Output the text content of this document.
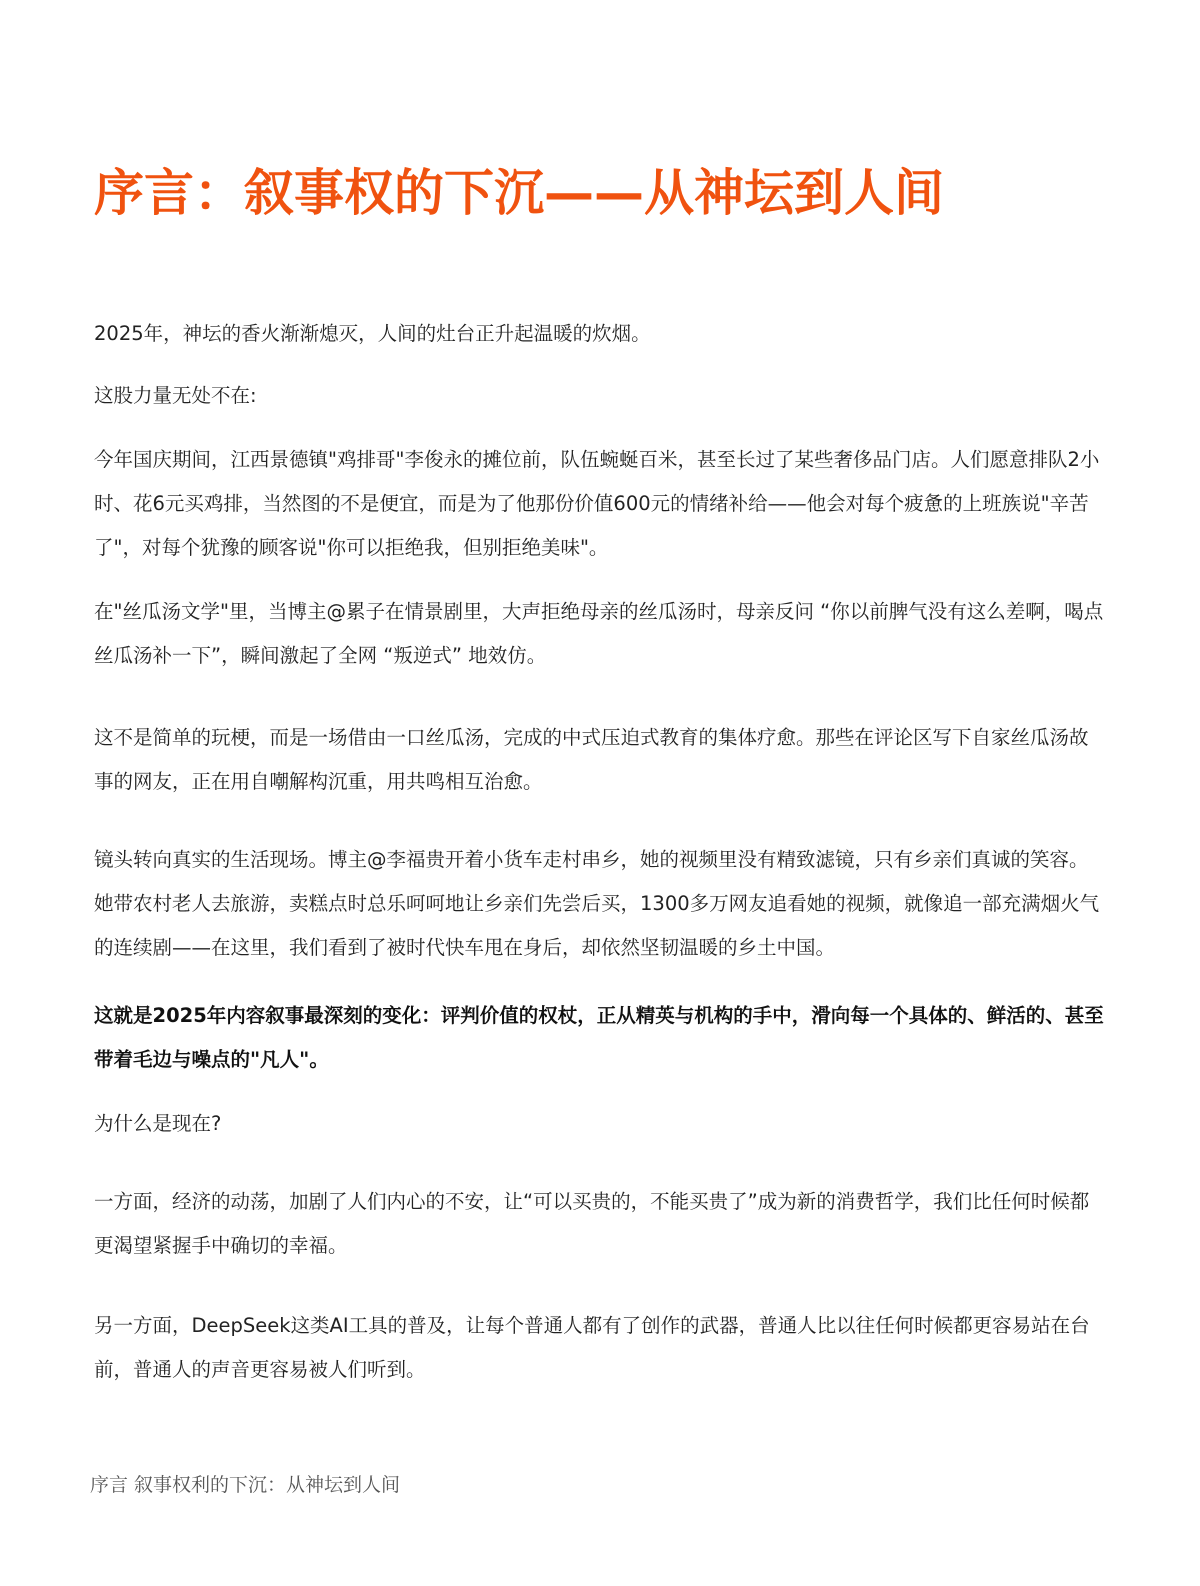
序言：叙事权的下沉——从神坛到人间

2025年，神坛的香火渐渐熄灭，人间的灶台正升起温暖的炊烟。

这股力量无处不在:

今年国庆期间，江西景德镇"鸡排哥"李俊永的摊位前，队伍蜿蜒百米，甚至长过了某些奢侈品门店。人们愿意排队2小时、花6元买鸡排，当然图的不是便宜，而是为了他那份价值600元的情绪补给——他会对每个疲惫的上班族说"辛苦了"，对每个犹豫的顾客说"你可以拒绝我，但别拒绝美味"。

在"丝瓜汤文学"里，当博主@累子在情景剧里，大声拒绝母亲的丝瓜汤时，母亲反问 “你以前脾气没有这么差啊，喝点丝瓜汤补一下”，瞬间激起了全网 “叛逆式” 地效仿。

这不是简单的玩梗，而是一场借由一口丝瓜汤，完成的中式压迫式教育的集体疗愈。那些在评论区写下自家丝瓜汤故事的网友，正在用自嘲解构沉重，用共鸣相互治愈。

镜头转向真实的生活现场。博主@李福贵开着小货车走村串乡，她的视频里没有精致滤镜，只有乡亲们真诚的笑容。她带农村老人去旅游，卖糕点时总乐呵呵地让乡亲们先尝后买，1300多万网友追看她的视频，就像追一部充满烟火气的连续剧——在这里，我们看到了被时代快车甩在身后，却依然坚韧温暖的乡土中国。

这就是2025年内容叙事最深刻的变化：评判价值的权杖，正从精英与机构的手中，滑向每一个具体的、鲜活的、甚至带着毛边与噪点的"凡人"。

为什么是现在?

一方面，经济的动荡，加剧了人们内心的不安，让“可以买贵的，不能买贵了”成为新的消费哲学，我们比任何时候都更渴望紧握手中确切的幸福。

另一方面，DeepSeek这类AI工具的普及，让每个普通人都有了创作的武器，普通人比以往任何时候都更容易站在台前，普通人的声音更容易被人们听到。

序言 叙事权利的下沉：从神坛到人间
